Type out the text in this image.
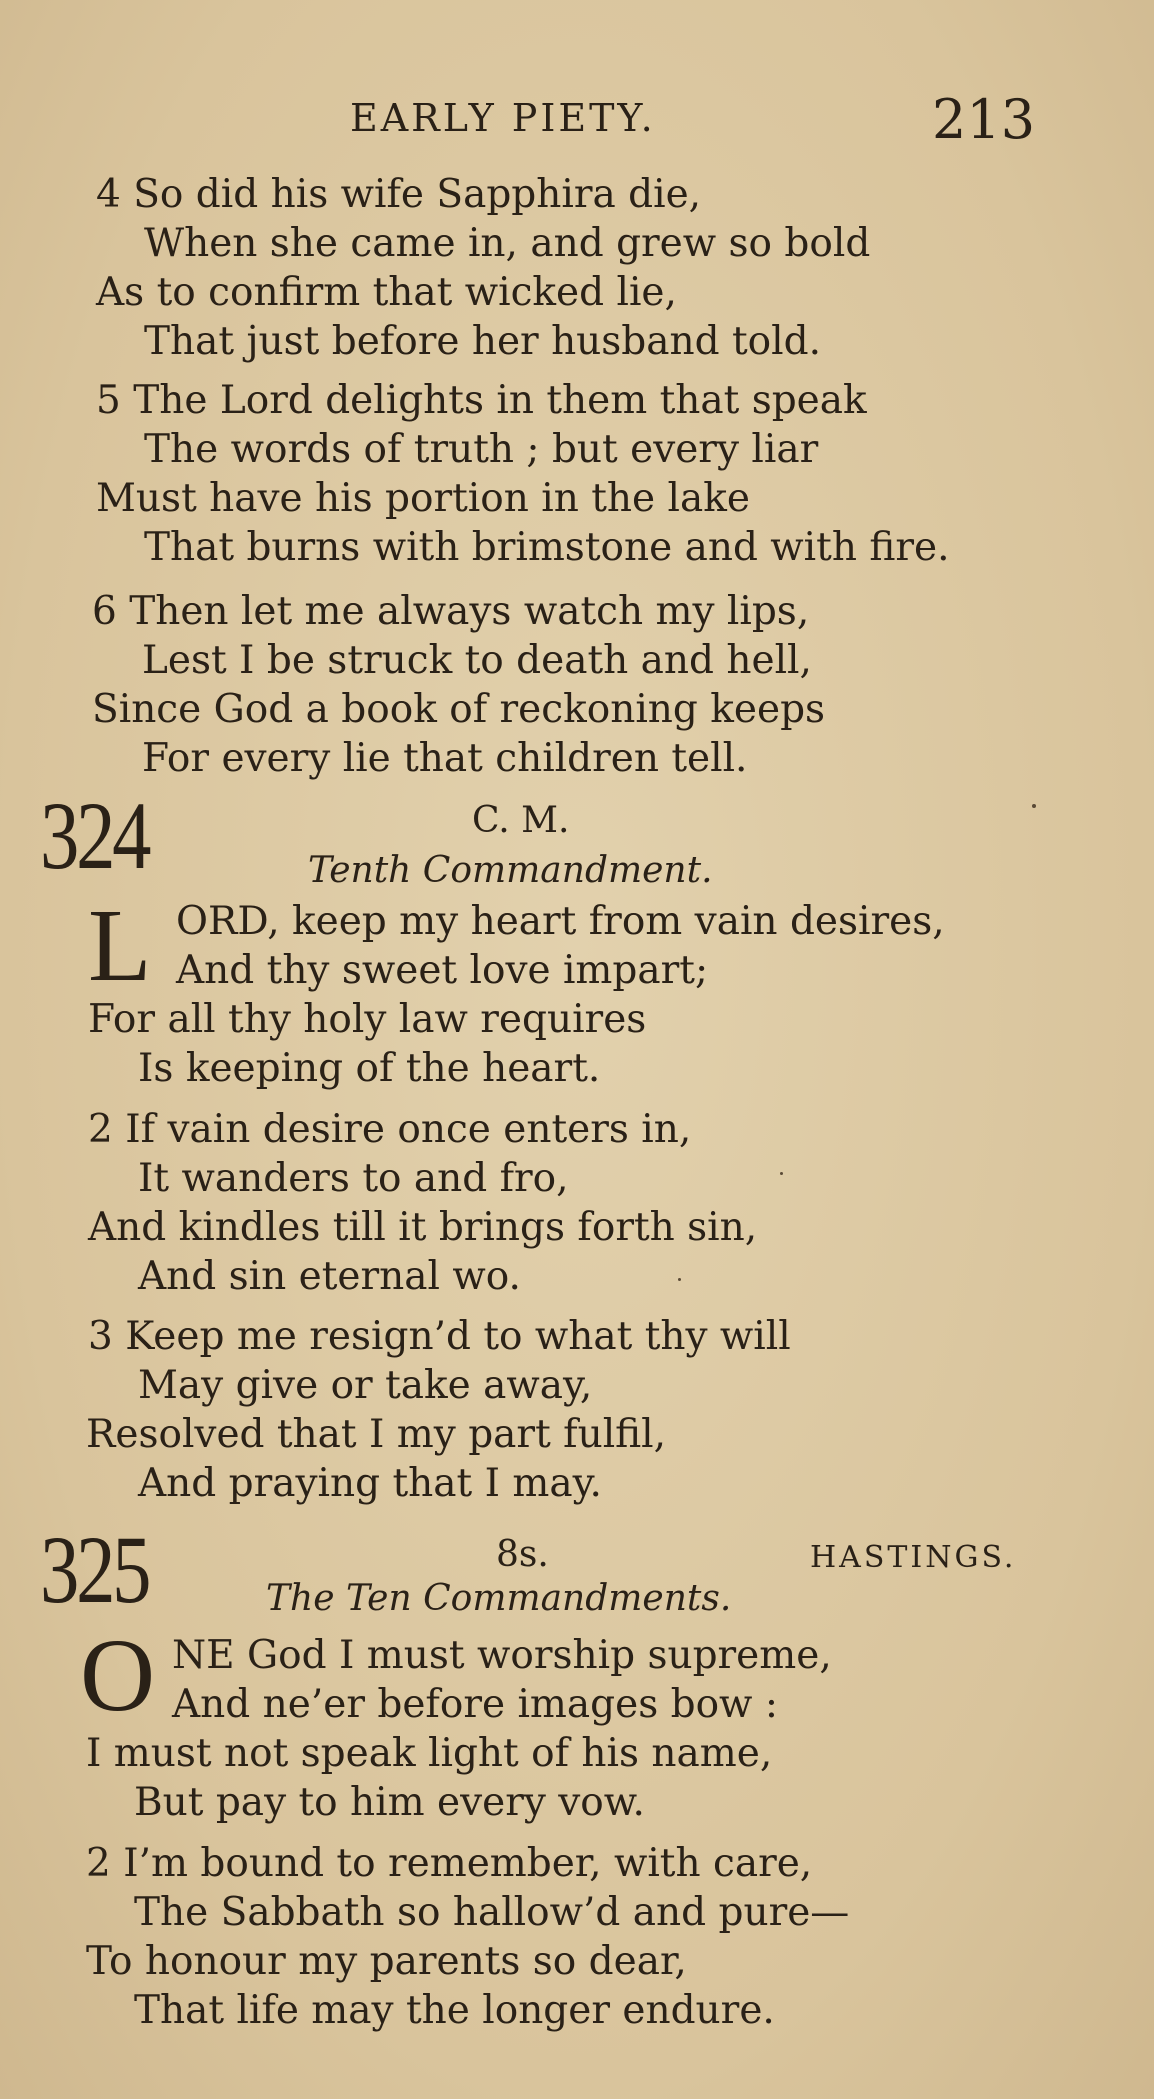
EARLY PIETY.	213
4 So did his wife Sapphira die,
When she came in, and grew so bold
As to confirm that wicked lie,
That just before her husband told.
5 The Lord delights in them that speak
The words of truth ; but every liar
Must have his portion in the lake
That burns with brimstone and with fire.
6 Then let me always watch my lips,
Lest I be struck to death and hell,
Since God a book of reckoning keeps
For every lie that children tell.
324	C. M.
Tenth Commandment.
L ORD, keep my heart from vain desires,
And thy sweet love impart;
For all thy holy law requires
Is keeping of the heart.
2 If vain desire once enters in,
It wanders to and fro,
And kindles till it brings forth sin,
And sin eternal wo.
3 Keep me resign’d to what thy will
May give or take away,
Resolved that I my part fulfil,
And praying that I may.
325	8s.	HASTINGS.
The Ten Commandments.
O NE God I must worship supreme,
And ne’er before images bow :
I must not speak light of his name,
But pay to him every vow.
2 I’m bound to remember, with care,
The Sabbath so hallow’d and pure—
To honour my parents so dear,
That life may the longer endure.
